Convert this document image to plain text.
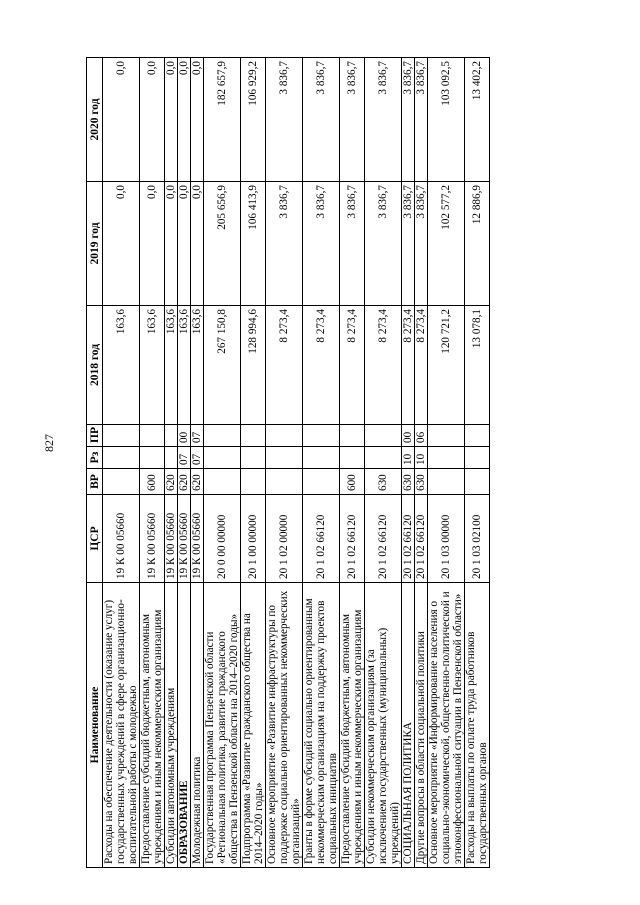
827
Наименование	ЦСР	ВР	Рз	ПР	2018 год	2019 год	2020 год
Расходы на обеспечение деятельности (оказание услуг) государственных учреждений в сфере организационно-воспитательной работы с молодежью	19 К 00 05660				163,6	0,0	0,0
Предоставление субсидий бюджетным, автономным учреждениям и иным некоммерческим организациям	19 К 00 05660	600			163,6	0,0	0,0
Субсидии автономным учреждениям	19 К 00 05660	620			163,6	0,0	0,0
ОБРАЗОВАНИЕ	19 К 00 05660	620	07	00	163,6	0,0	0,0
Молодежная политика	19 К 00 05660	620	07	07	163,6	0,0	0,0
Государственная программа Пензенской области «Региональная политика, развитие гражданского общества в Пензенской области на 2014–2020 годы»	20 0 00 00000				267 150,8	205 656,9	182 657,9
Подпрограмма «Развитие гражданского общества на 2014–2020 годы»	20 1 00 00000				128 994,6	106 413,9	106 929,2
Основное мероприятие «Развитие инфраструктуры по поддержке социально ориентированных некоммерческих организаций»	20 1 02 00000				8 273,4	3 836,7	3 836,7
Гранты в форме субсидий социально ориентированным некоммерческим организациям на поддержку проектов социальных инициатив	20 1 02 66120				8 273,4	3 836,7	3 836,7
Предоставление субсидий бюджетным, автономным учреждениям и иным некоммерческим организациям	20 1 02 66120	600			8 273,4	3 836,7	3 836,7
Субсидии некоммерческим организациям (за исключением государственных (муниципальных) учреждений)	20 1 02 66120	630			8 273,4	3 836,7	3 836,7
СОЦИАЛЬНАЯ ПОЛИТИКА	20 1 02 66120	630	10	00	8 273,4	3 836,7	3 836,7
Другие вопросы в области социальной политики	20 1 02 66120	630	10	06	8 273,4	3 836,7	3 836,7
Основное мероприятие «Информирование населения о социально-экономической, общественно-политической и этноконфессиональной ситуации в Пензенской области»	20 1 03 00000				120 721,2	102 577,2	103 092,5
Расходы на выплаты по оплате труда работников государственных органов	20 1 03 02100				13 078,1	12 886,9	13 402,2
